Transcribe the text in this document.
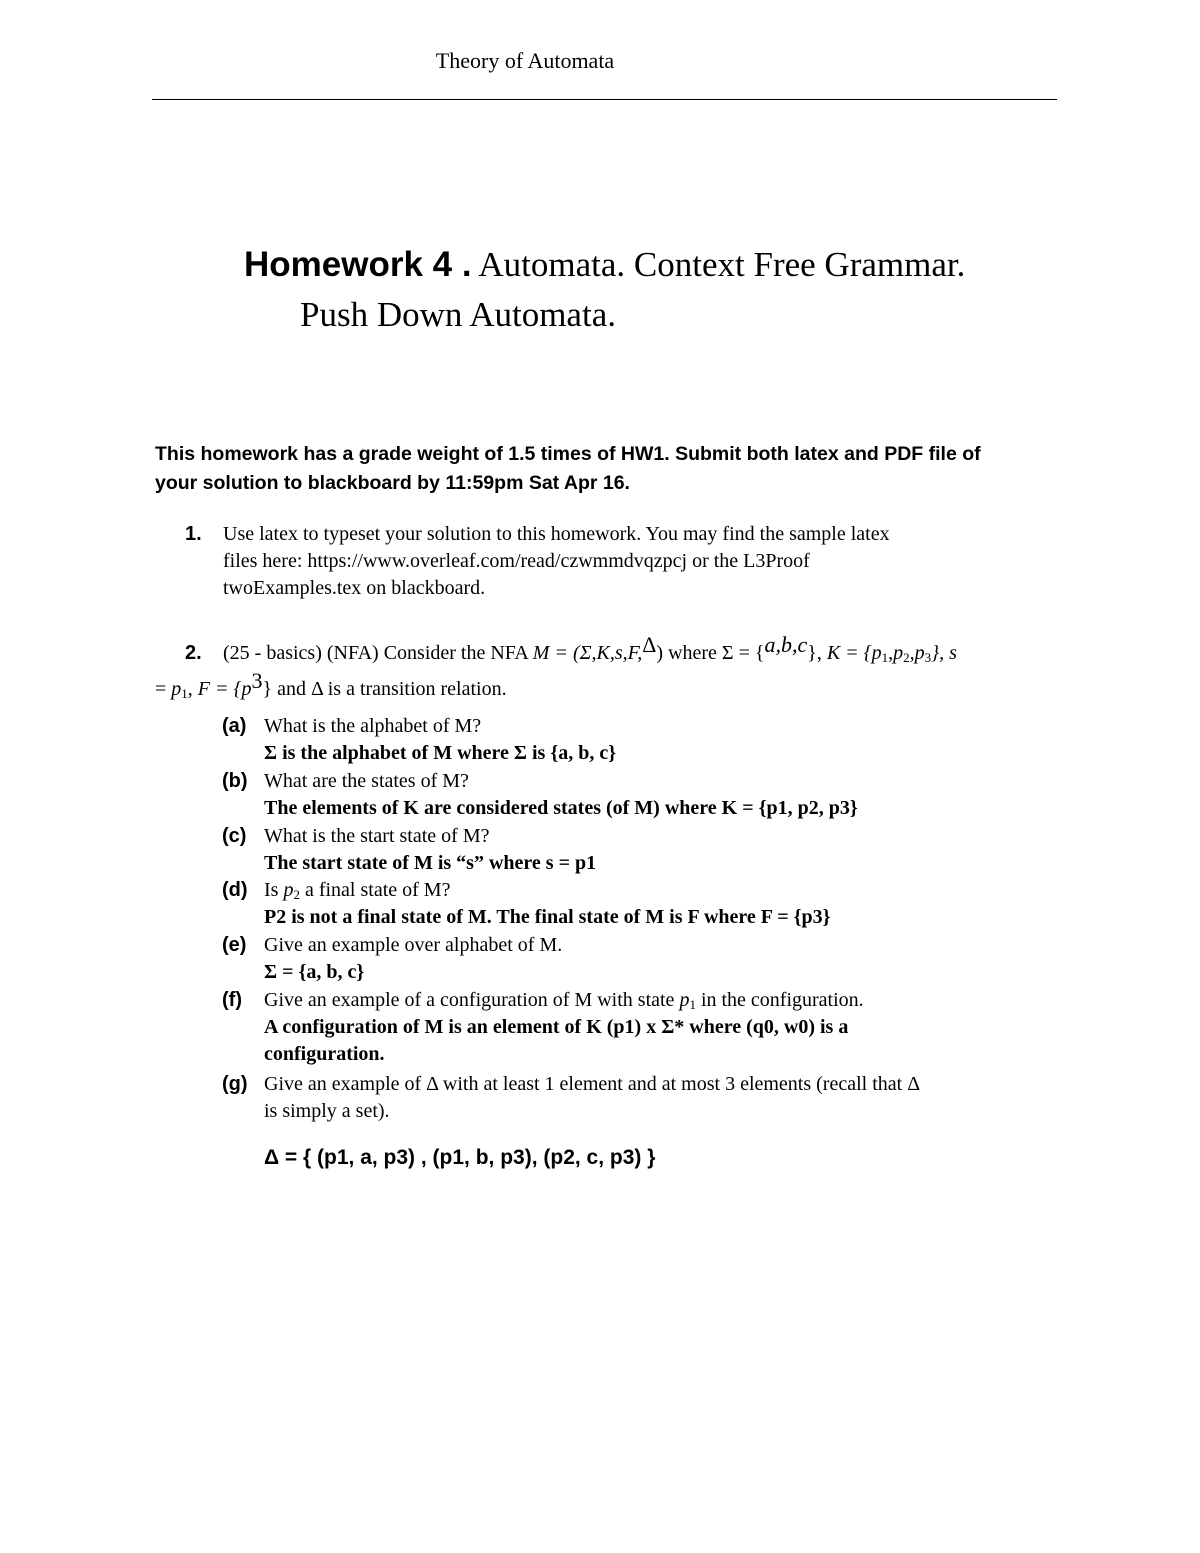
Theory of Automata
Homework 4 . Automata. Context Free Grammar.
Push Down Automata.
This homework has a grade weight of 1.5 times of HW1. Submit both latex and PDF file of
your solution to blackboard by 11:59pm Sat Apr 16.
1. Use latex to typeset your solution to this homework. You may find the sample latex
files here: https://www.overleaf.com/read/czwmmdvqzpcj or the L3Proof
twoExamples.tex on blackboard.
2. (25 - basics) (NFA) Consider the NFA M = (Σ,K,s,F,Δ) where Σ = {a,b,c}, $K = \{p_1,p_2,p_3\}$, s
= $p_1$, F = {p3} and Δ is a transition relation.
(a) What is the alphabet of M?
Σ is the alphabet of M where Σ is {a, b, c}
(b) What are the states of M?
The elements of K are considered states (of M) where K = {p1, p2, p3}
(c) What is the start state of M?
The start state of M is “s” where s = p1
(d) Is $p_2$ a final state of M?
P2 is not a final state of M. The final state of M is F where F = {p3}
(e) Give an example over alphabet of M.
Σ = {a, b, c}
(f) Give an example of a configuration of M with state $p_1$ in the configuration.
A configuration of M is an element of K (p1) x Σ* where (q0, w0) is a
configuration.
(g) Give an example of Δ with at least 1 element and at most 3 elements (recall that Δ
is simply a set).
Δ = { (p1, a, p3) , (p1, b, p3), (p2, c, p3) }
